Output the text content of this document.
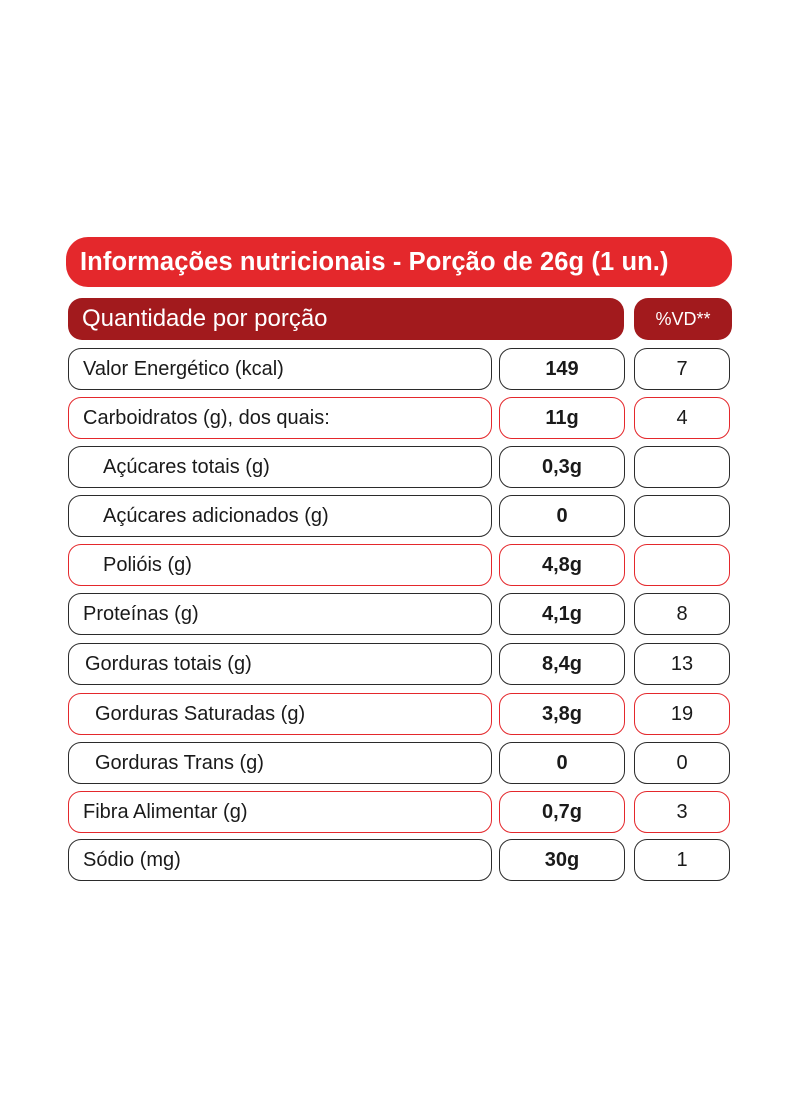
Informações nutricionais - Porção de 26g (1 un.)
Quantidade por porção	%VD**
Valor Energético (kcal)	149	7
Carboidratos (g), dos quais:	11g	4
Açúcares totais (g)	0,3g
Açúcares adicionados (g)	0
Polióis (g)	4,8g
Proteínas (g)	4,1g	8
Gorduras totais (g)	8,4g	13
Gorduras Saturadas (g)	3,8g	19
Gorduras Trans (g)	0	0
Fibra Alimentar (g)	0,7g	3
Sódio (mg)	30g	1
